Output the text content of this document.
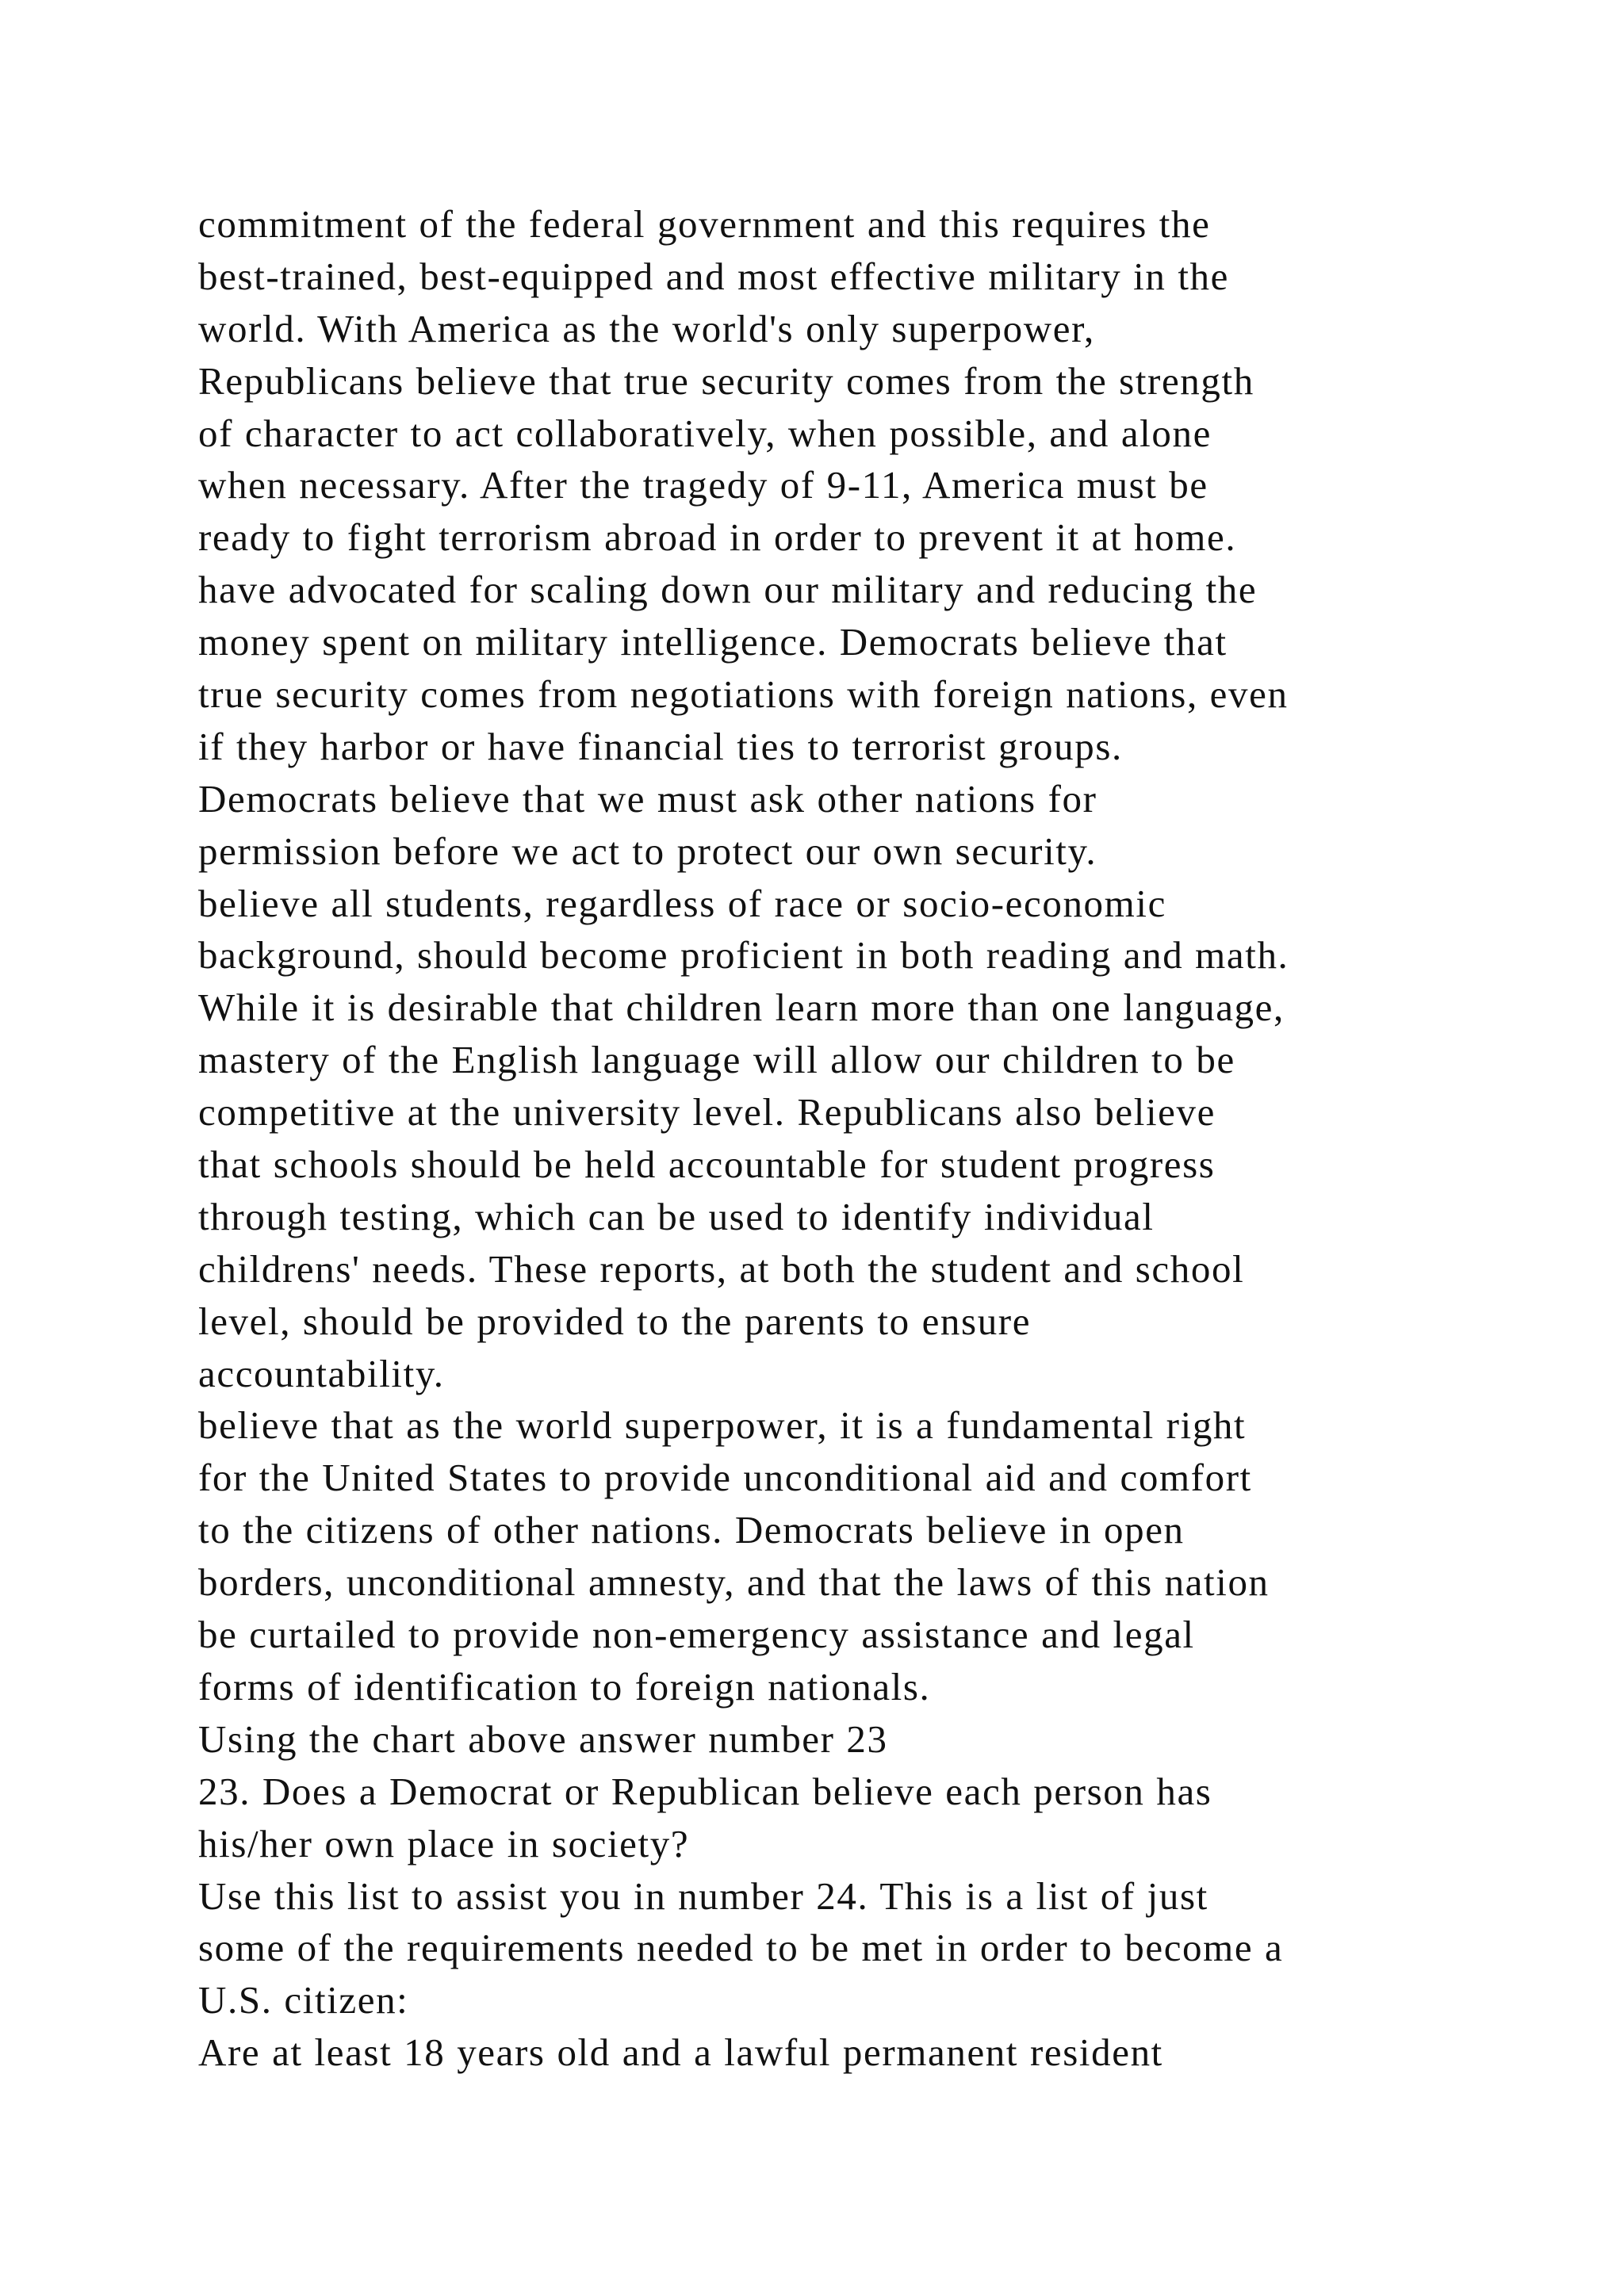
commitment of the federal government and this requires the
best-trained, best-equipped and most effective military in the
world. With America as the world's only superpower,
Republicans believe that true security comes from the strength
of character to act collaboratively, when possible, and alone
when necessary. After the tragedy of 9-11, America must be
ready to fight terrorism abroad in order to prevent it at home.
have advocated for scaling down our military and reducing the
money spent on military intelligence. Democrats believe that
true security comes from negotiations with foreign nations, even
if they harbor or have financial ties to terrorist groups.
Democrats believe that we must ask other nations for
permission before we act to protect our own security.
believe all students, regardless of race or socio-economic
background, should become proficient in both reading and math.
While it is desirable that children learn more than one language,
mastery of the English language will allow our children to be
competitive at the university level. Republicans also believe
that schools should be held accountable for student progress
through testing, which can be used to identify individual
childrens' needs. These reports, at both the student and school
level, should be provided to the parents to ensure
accountability.
believe that as the world superpower, it is a fundamental right
for the United States to provide unconditional aid and comfort
to the citizens of other nations. Democrats believe in open
borders, unconditional amnesty, and that the laws of this nation
be curtailed to provide non-emergency assistance and legal
forms of identification to foreign nationals.
Using the chart above answer number 23
23. Does a Democrat or Republican believe each person has
his/her own place in society?
Use this list to assist you in number 24. This is a list of just
some of the requirements needed to be met in order to become a
U.S. citizen:
Are at least 18 years old and a lawful permanent resident
